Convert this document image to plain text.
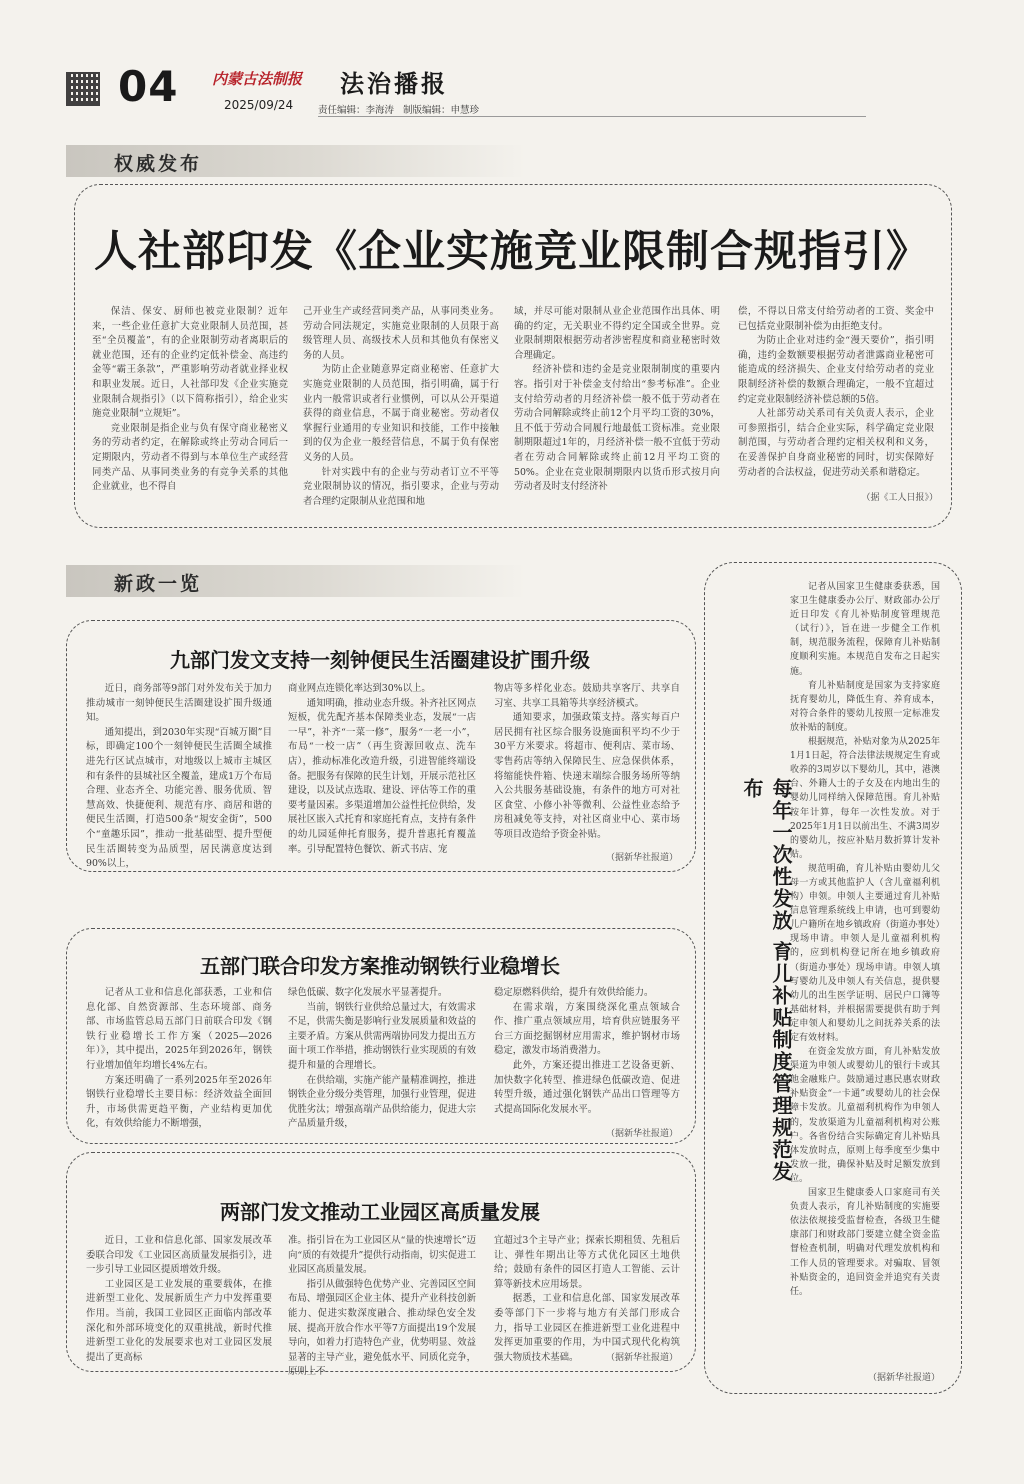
04 内蒙古法制报
2025/09/24
法治播报
责任编辑：李海涛   制版编辑：申慧珍
权威发布
人社部印发《企业实施竞业限制合规指引》

保洁、保安、厨师也被竞业限制？近年来，一些企业任意扩大竞业限制人员范围，甚至“全员覆盖”，有的企业限制劳动者离职后的就业范围，还有的企业约定低补偿金、高违约金等“霸王条款”，严重影响劳动者就业择业权和职业发展。近日，人社部印发《企业实施竞业限制合规指引》（以下简称指引），给企业实施竞业限制“立规矩”。

竞业限制是指企业与负有保守商业秘密义务的劳动者约定，在解除或终止劳动合同后一定期限内，劳动者不得到与本单位生产或经营同类产品、从事同类业务的有竞争关系的其他企业就业，也不得自

己开业生产或经营同类产品，从事同类业务。劳动合同法规定，实施竞业限制的人员限于高级管理人员、高级技术人员和其他负有保密义务的人员。

为防止企业随意界定商业秘密、任意扩大实施竞业限制的人员范围，指引明确，属于行业内一般常识或者行业惯例，可以从公开渠道获得的商业信息，不属于商业秘密。劳动者仅掌握行业通用的专业知识和技能，工作中接触到的仅为企业一般经营信息，不属于负有保密义务的人员。

针对实践中有的企业与劳动者订立不平等竞业限制协议的情况，指引要求，企业与劳动者合理约定限制从业范围和地

域，并尽可能对限制从业企业范围作出具体、明确的约定，无关职业不得约定全国或全世界。竞业限制期限根据劳动者涉密程度和商业秘密时效合理确定。

经济补偿和违约金是竞业限制制度的重要内容。指引对于补偿金支付给出“参考标准”。企业支付给劳动者的月经济补偿一般不低于劳动者在劳动合同解除或终止前12个月平均工资的30%，且不低于劳动合同履行地最低工资标准。竞业限制期限超过1年的，月经济补偿一般不宜低于劳动者在劳动合同解除或终止前12月平均工资的50%。企业在竞业限制期限内以货币形式按月向劳动者及时支付经济补

偿，不得以日常支付给劳动者的工资、奖金中已包括竞业限制补偿为由拒绝支付。

为防止企业对违约金“漫天要价”，指引明确，违约金数额要根据劳动者泄露商业秘密可能造成的经济损失、企业支付给劳动者的竞业限制经济补偿的数额合理确定，一般不宜超过约定竞业限制经济补偿总额的5倍。

人社部劳动关系司有关负责人表示，企业可参照指引，结合企业实际，科学确定竞业限制范围，与劳动者合理约定相关权利和义务，在妥善保护自身商业秘密的同时，切实保障好劳动者的合法权益，促进劳动关系和谐稳定。

（据《工人日报》）
新政一览
九部门发文支持一刻钟便民生活圈建设扩围升级

近日，商务部等9部门对外发布关于加力推动城市一刻钟便民生活圈建设扩围升级通知。

通知提出，到2030年实现“百城万圈”目标，即确定100个一刻钟便民生活圈全域推进先行区试点城市，对地级以上城市主城区和有条件的县城社区全覆盖，建成1万个布局合理、业态齐全、功能完善、服务优质、智慧高效、快捷便利、规范有序、商居和谐的便民生活圈，打造500条“規安金街”，500个“童趣乐园”，推动一批基础型、提升型便民生活圈转变为品质型，居民满意度达到90%以上，

商业网点连锁化率达到30%以上。

通知明确，推动业态升级。补齐社区网点短板，优先配齐基本保障类业态，发展“一店一早”，补齐“一菜一修”，服务“一老一小”，布局“一校一店”（再生资源回收点、洗车店），推动标准化改造升级，引进智能终端设备。把服务有保障的民生计划，开展示范社区建设，以及试点选取、建设、评估等工作的重要考量因素。多渠道增加公益性托位供给，发展社区嵌入式托育和家庭托育点，支持有条件的幼儿园延伸托育服务，提升普惠托育覆盖率。引导配置特色餐饮、新式书店、宠

物店等多样化业态。鼓励共享客厅、共享自习室、共享工具箱等共享经济模式。

通知要求，加强政策支持。落实每百户居民拥有社区综合服务设施面积平均不少于30平方米要求。将超市、便利店、菜市场、零售药店等纳入保障民生、应急保供体系，将缩能快件箱、快递末端综合服务场所等纳入公共服务基础设施，有条件的地方可对社区食堂、小修小补等微利、公益性业态给予房租减免等支持，对社区商业中心、菜市场等项目改造给予资金补贴。

（据新华社报道）
五部门联合印发方案推动钢铁行业稳增长

记者从工业和信息化部获悉，工业和信息化部、自然资源部、生态环境部、商务部、市场监管总局五部门日前联合印发《钢铁行业稳增长工作方案（2025—2026年）》，其中提出，2025年到2026年，钢铁行业增加值年均增长4%左右。

方案还明确了一系列2025年至2026年钢铁行业稳增长主要目标：经济效益全面回升，市场供需更趋平衡，产业结构更加优化，有效供给能力不断增强，

绿色低碳、数字化发展水平显著提升。

当前，钢铁行业供给总量过大，有效需求不足，供需失衡是影响行业发展质量和效益的主要矛盾。方案从供需两端协同发力提出五方面十项工作举措，推动钢铁行业实现质的有效提升和量的合理增长。

在供给端，实施产能产量精准调控，推进钢铁企业分级分类管理，加强行业管理，促进优胜劣汰；增强高端产品供给能力，促进大宗产品质量升级，

稳定原燃料供给，提升有效供给能力。

在需求端，方案围绕深化重点领域合作、推广重点领域应用，培育供应链服务平台三方面挖掘钢材应用需求，维护钢材市场稳定，激发市场消费潜力。

此外，方案还提出推进工艺设备更新、加快数字化转型、推进绿色低碳改造、促进转型升级，通过强化钢铁产品出口管理等方式提高国际化发展水平。

（据新华社报道）
两部门发文推动工业园区高质量发展

近日，工业和信息化部、国家发展改革委联合印发《工业园区高质量发展指引》，进一步引导工业园区提质增效升级。

工业园区是工业发展的重要载体，在推进新型工业化、发展新质生产力中发挥重要作用。当前，我国工业园区正面临内部改革深化和外部环境变化的双重挑战，新时代推进新型工业化的发展要求也对工业园区发展提出了更高标

准。指引旨在为工业园区从“量的快速增长”迈向“质的有效提升”提供行动指南，切实促进工业园区高质量发展。

指引从做强特色优势产业、完善园区空间布局、增强园区企业主体、提升产业科技创新能力、促进实数深度融合、推动绿色安全发展、提高开放合作水平等7方面提出19个发展导向，如着力打造特色产业，优势明显、效益显著的主导产业，避免低水平、同质化竞争，原则上不

宜超过3个主导产业；探索长期租赁、先租后让、弹性年期出让等方式优化园区土地供给；鼓励有条件的园区打造人工智能、云计算等新技术应用场景。

据悉，工业和信息化部、国家发展改革委等部门下一步将与地方有关部门形成合力，指导工业园区在推进新型工业化进程中发挥更加重要的作用，为中国式现代化构筑强大物质技术基础。	（据新华社报道）
每年一次性发放 育儿补贴制度管理规范发布

记者从国家卫生健康委获悉，国家卫生健康委办公厅、财政部办公厅近日印发《育儿补贴制度管理规范（试行）》，旨在进一步健全工作机制，规范服务流程，保障育儿补贴制度顺利实施。本规范自发布之日起实施。

育儿补贴制度是国家为支持家庭抚育婴幼儿，降低生育、养育成本，对符合条件的婴幼儿按照一定标准发放补贴的制度。

根据规范，补贴对象为从2025年1月1日起，符合法律法规规定生育或收养的3周岁以下婴幼儿，其中，港澳台、外籍人士的子女及在内地出生的婴幼儿同样纳入保障范围。育儿补贴按年计算，每年一次性发放。对于2025年1月1日以前出生、不满3周岁的婴幼儿，按应补贴月数折算计发补贴。

规范明确，育儿补贴由婴幼儿父母一方或其他监护人（含儿童福利机构）申领。申领人主要通过育儿补贴信息管理系统线上申请，也可到婴幼儿户籍所在地乡镇政府（街道办事处）现场申请。申领人是儿童福利机构的，应到机构登记所在地乡镇政府（街道办事处）现场申请。申领人填写婴幼儿及申领人有关信息，提供婴幼儿的出生医学证明、居民户口簿等基础材料，并根据需要提供有助于判定申领人和婴幼儿之间抚养关系的法定有效材料。

在资金发放方面，育儿补贴发放渠道为申领人或婴幼儿的银行卡或其他金融账户。鼓励通过惠民惠农财政补贴资金“一卡通”或婴幼儿的社会保障卡发放。儿童福利机构作为申领人的，发放渠道为儿童福利机构对公账户。各省份结合实际确定育儿补贴具体发放时点，原则上每季度至少集中发放一批，确保补贴及时足额发放到位。

国家卫生健康委人口家庭司有关负责人表示，育儿补贴制度的实施要依法依规接受监督检查，各级卫生健康部门和财政部门要建立健全资金监督检查机制，明确对代理发放机构和工作人员的管理要求。对骗取、冒领补贴资金的，追回资金并追究有关责任。

（据新华社报道）
